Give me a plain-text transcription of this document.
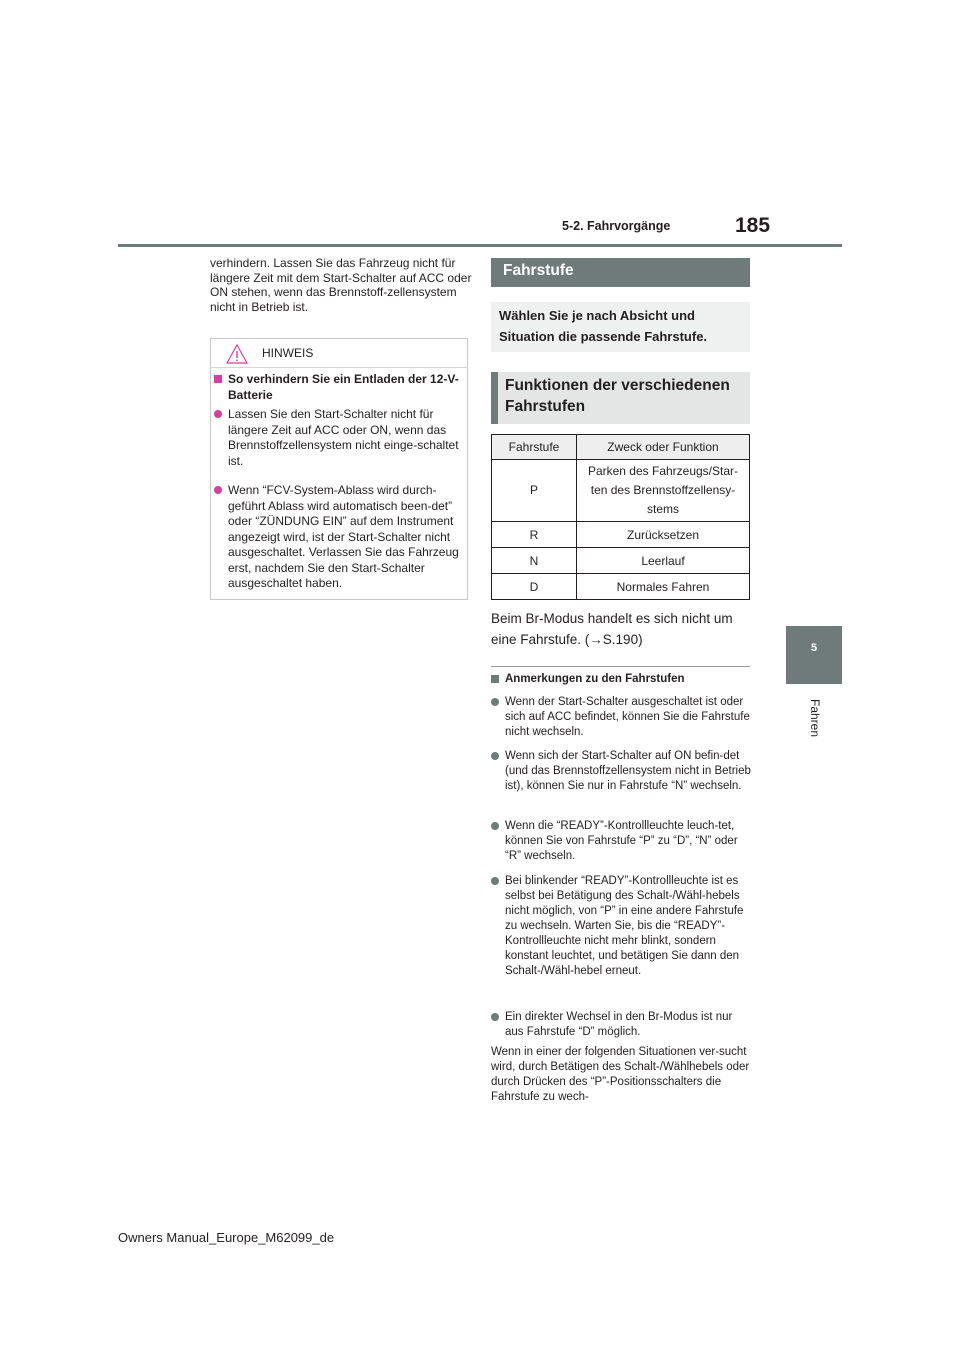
5-2. Fahrvorgänge	185
5
Fahren
verhindern. Lassen Sie das Fahrzeug nicht für längere Zeit mit dem Start-Schalter auf ACC oder ON stehen, wenn das Brennstoff-zellensystem nicht in Betrieb ist.
HINWEIS
So verhindern Sie ein Entladen der 12-V-Batterie
Lassen Sie den Start-Schalter nicht für längere Zeit auf ACC oder ON, wenn das Brennstoffzellensystem nicht einge-schaltet ist.
Wenn “FCV-System-Ablass wird durch-geführt Ablass wird automatisch been-det” oder “ZÜNDUNG EIN” auf dem Instrument angezeigt wird, ist der Start-Schalter nicht ausgeschaltet. Verlassen Sie das Fahrzeug erst, nachdem Sie den Start-Schalter ausgeschaltet haben.
Fahrstufe
Wählen Sie je nach Absicht und Situation die passende Fahrstufe.
Funktionen der verschiedenen Fahrstufen
Fahrstufe	Zweck oder Funktion
P	Parken des Fahrzeugs/Star-ten des Brennstoffzellensy-stems
R	Zurücksetzen
N	Leerlauf
D	Normales Fahren
Beim Br-Modus handelt es sich nicht um eine Fahrstufe. (→S.190)
Anmerkungen zu den Fahrstufen
Wenn der Start-Schalter ausgeschaltet ist oder sich auf ACC befindet, können Sie die Fahrstufe nicht wechseln.
Wenn sich der Start-Schalter auf ON befin-det (und das Brennstoffzellensystem nicht in Betrieb ist), können Sie nur in Fahrstufe “N” wechseln.
Wenn die “READY”-Kontrollleuchte leuch-tet, können Sie von Fahrstufe “P” zu “D”, “N” oder “R” wechseln.
Bei blinkender “READY”-Kontrollleuchte ist es selbst bei Betätigung des Schalt-/Wähl-hebels nicht möglich, von “P” in eine andere Fahrstufe zu wechseln. Warten Sie, bis die “READY”-Kontrollleuchte nicht mehr blinkt, sondern konstant leuchtet, und betätigen Sie dann den Schalt-/Wähl-hebel erneut.
Ein direkter Wechsel in den Br-Modus ist nur aus Fahrstufe “D” möglich.
Wenn in einer der folgenden Situationen ver-sucht wird, durch Betätigen des Schalt-/Wählhebels oder durch Drücken des “P”-Positionsschalters die Fahrstufe zu wech-
Owners Manual_Europe_M62099_de
